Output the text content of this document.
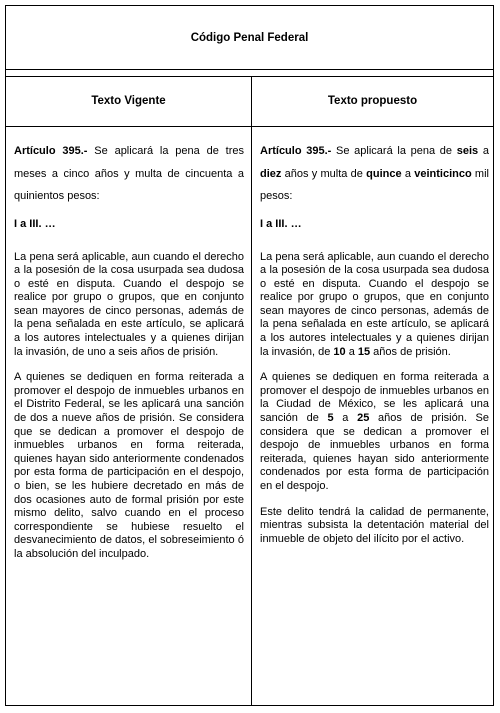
Código Penal Federal
Texto Vigente	Texto propuesto

Artículo 395.- Se aplicará la pena de tres meses a cinco años y multa de cincuenta a quinientos pesos:

I a III. …

La pena será aplicable, aun cuando el derecho a la posesión de la cosa usurpada sea dudosa o esté en disputa. Cuando el despojo se realice por grupo o grupos, que en conjunto sean mayores de cinco personas, además de la pena señalada en este artículo, se aplicará a los autores intelectuales y a quienes dirijan la invasión, de uno a seis años de prisión.

A quienes se dediquen en forma reiterada a promover el despojo de inmuebles urbanos en el Distrito Federal, se les aplicará una sanción de dos a nueve años de prisión. Se considera que se dedican a promover el despojo de inmuebles urbanos en forma reiterada, quienes hayan sido anteriormente condenados por esta forma de participación en el despojo, o bien, se les hubiere decretado en más de dos ocasiones auto de formal prisión por este mismo delito, salvo cuando en el proceso correspondiente se hubiese resuelto el desvanecimiento de datos, el sobreseimiento ó la absolución del inculpado.

Artículo 395.- Se aplicará la pena de seis a diez años y multa de quince a veinticinco mil pesos:

I a III. …

La pena será aplicable, aun cuando el derecho a la posesión de la cosa usurpada sea dudosa o esté en disputa. Cuando el despojo se realice por grupo o grupos, que en conjunto sean mayores de cinco personas, además de la pena señalada en este artículo, se aplicará a los autores intelectuales y a quienes dirijan la invasión, de 10 a 15 años de prisión.

A quienes se dediquen en forma reiterada a promover el despojo de inmuebles urbanos en la Ciudad de México, se les aplicará una sanción de 5 a 25 años de prisión. Se considera que se dedican a promover el despojo de inmuebles urbanos en forma reiterada, quienes hayan sido anteriormente condenados por esta forma de participación en el despojo.

Este delito tendrá la calidad de permanente, mientras subsista la detentación material del inmueble de objeto del ilícito por el activo.
